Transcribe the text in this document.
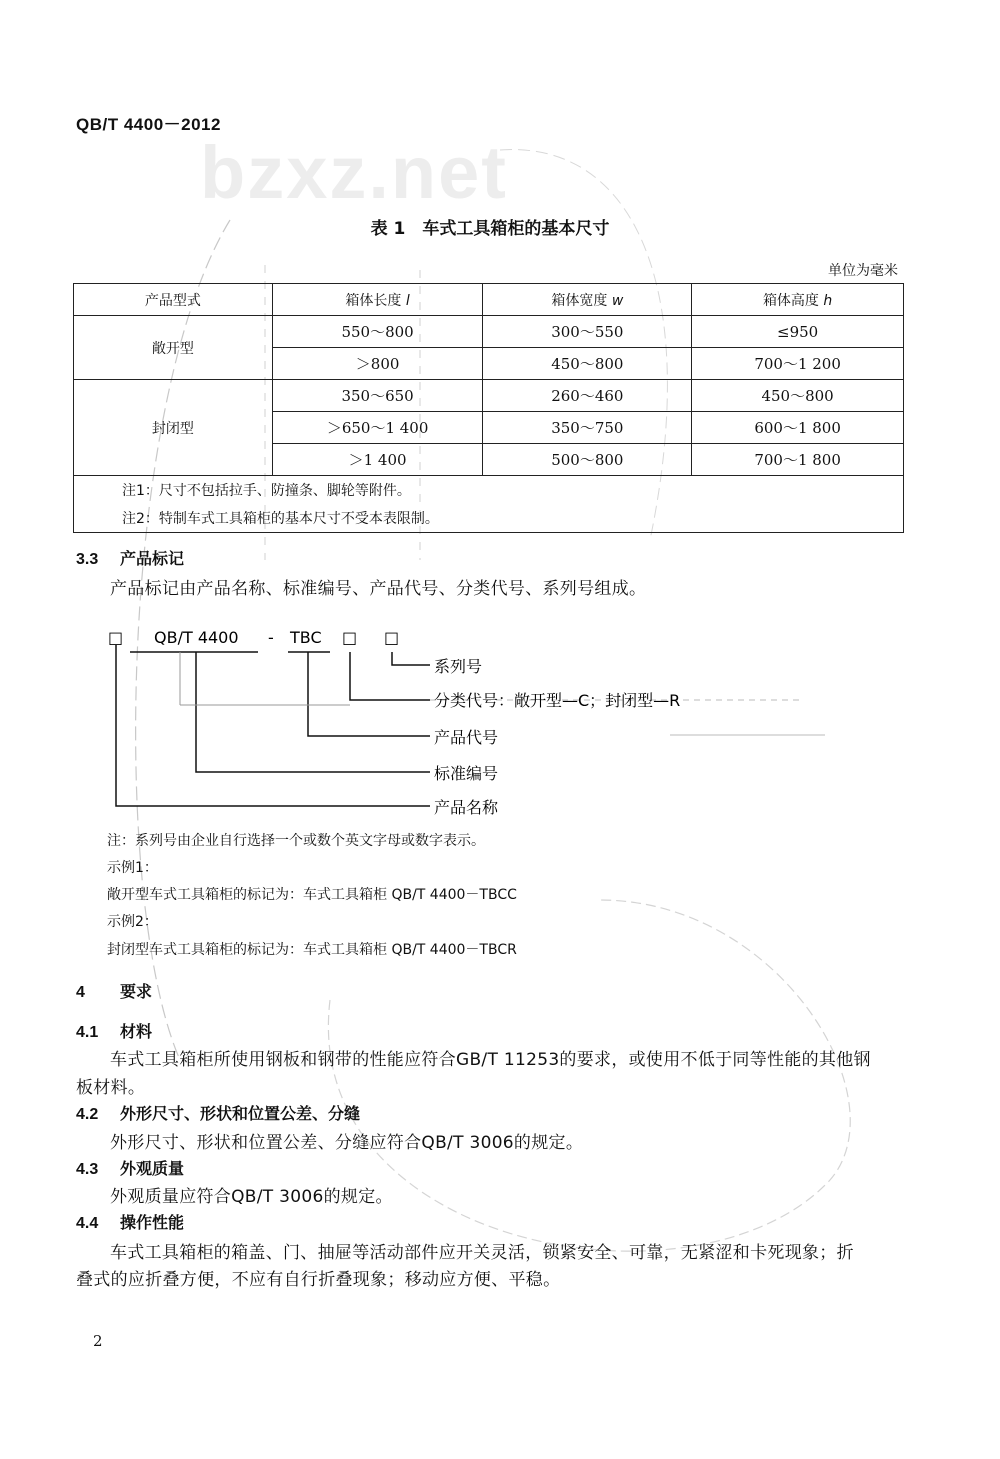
bzxz.net
QB/T 4400－2012
表 1　车式工具箱柜的基本尺寸
单位为毫米
产品型式	箱体长度 l	箱体宽度 w	箱体高度 h
敞开型	550～800	300～550	≤950
	＞800	450～800	700～1 200
封闭型	350～650	260～460	450～800
	＞650～1 400	350～750	600～1 800
	＞1 400	500～800	700～1 800
注1：尺寸不包括拉手、防撞条、脚轮等附件。			
注2：特制车式工具箱柜的基本尺寸不受本表限制。			
3.3 产品标记
产品标记由产品名称、标准编号、产品代号、分类代号、系列号组成。
□ QB/T 4400 - TBC □ □
系列号
分类代号：敞开型—C；封闭型—R
产品代号
标准编号
产品名称
注：系列号由企业自行选择一个或数个英文字母或数字表示。
示例1：
敞开型车式工具箱柜的标记为：车式工具箱柜 QB/T 4400－TBCC
示例2：
封闭型车式工具箱柜的标记为：车式工具箱柜 QB/T 4400－TBCR
4 要求
4.1 材料
车式工具箱柜所使用钢板和钢带的性能应符合GB/T 11253的要求，或使用不低于同等性能的其他钢
板材料。
4.2 外形尺寸、形状和位置公差、分缝
外形尺寸、形状和位置公差、分缝应符合QB/T 3006的规定。
4.3 外观质量
外观质量应符合QB/T 3006的规定。
4.4 操作性能
车式工具箱柜的箱盖、门、抽屉等活动部件应开关灵活，锁紧安全、可靠，无紧涩和卡死现象；折
叠式的应折叠方便，不应有自行折叠现象；移动应方便、平稳。
2
